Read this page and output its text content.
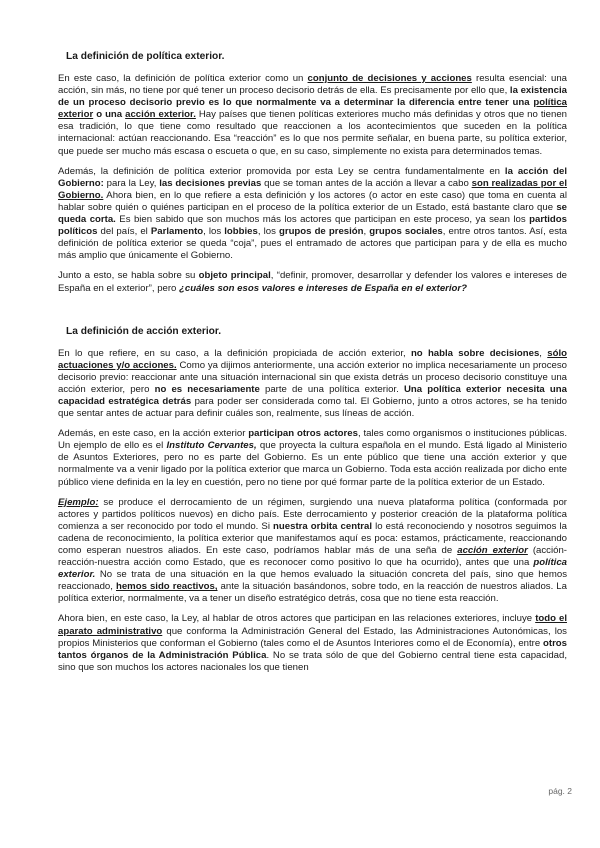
La definición de política exterior.

En este caso, la definición de política exterior como un conjunto de decisiones y acciones resulta esencial: una acción, sin más, no tiene por qué tener un proceso decisorio detrás de ella. Es precisamente por ello que, la existencia de un proceso decisorio previo es lo que normalmente va a determinar la diferencia entre tener una política exterior o una acción exterior. Hay países que tienen políticas exteriores mucho más definidas y otros que no tienen esa tradición, lo que tiene como resultado que reaccionen a los acontecimientos que suceden en la política internacional: actúan reaccionando. Esa “reacción” es lo que nos permite señalar, en buena parte, su política exterior, que puede ser mucho más escasa o escueta o que, en su caso, simplemente no exista para determinados temas.

Además, la definición de política exterior promovida por esta Ley se centra fundamentalmente en la acción del Gobierno: para la Ley, las decisiones previas que se toman antes de la acción a llevar a cabo son realizadas por el Gobierno. Ahora bien, en lo que refiere a esta definición y los actores (o actor en este caso) que toma en cuenta al hablar sobre quién o quiénes participan en el proceso de la política exterior de un Estado, está bastante claro que se queda corta. Es bien sabido que son muchos más los actores que participan en este proceso, ya sean los partidos políticos del país, el Parlamento, los lobbies, los grupos de presión, grupos sociales, entre otros tantos. Así, esta definición de política exterior se queda “coja”, pues el entramado de actores que participan para y de ella es mucho más amplio que únicamente el Gobierno.

Junto a esto, se habla sobre su objeto principal, “definir, promover, desarrollar y defender los valores e intereses de España en el exterior”, pero ¿cuáles son esos valores e intereses de España en el exterior?

La definición de acción exterior.

En lo que refiere, en su caso, a la definición propiciada de acción exterior, no habla sobre decisiones, sólo actuaciones y/o acciones. Como ya dijimos anteriormente, una acción exterior no implica necesariamente un proceso decisorio previo: reaccionar ante una situación internacional sin que exista detrás un proceso decisorio constituye una acción exterior, pero no es necesariamente parte de una política exterior. Una política exterior necesita una capacidad estratégica detrás para poder ser considerada como tal. El Gobierno, junto a otros actores, se ha tenido que sentar antes de actuar para definir cuáles son, realmente, sus líneas de acción.

Además, en este caso, en la acción exterior participan otros actores, tales como organismos o instituciones públicas. Un ejemplo de ello es el Instituto Cervantes, que proyecta la cultura española en el mundo. Está ligado al Ministerio de Asuntos Exteriores, pero no es parte del Gobierno. Es un ente público que tiene una acción exterior y que normalmente va a venir ligado por la política exterior que marca un Gobierno. Toda esta acción realizada por dicho ente público viene definida en la ley en cuestión, pero no tiene por qué formar parte de la política exterior de un Estado.

Ejemplo: se produce el derrocamiento de un régimen, surgiendo una nueva plataforma política (conformada por actores y partidos políticos nuevos) en dicho país. Este derrocamiento y posterior creación de la plataforma política comienza a ser reconocido por todo el mundo. Si nuestra orbita central lo está reconociendo y nosotros seguimos la cadena de reconocimiento, la política exterior que manifestamos aquí es poca: estamos, prácticamente, reaccionando como esperan nuestros aliados. En este caso, podríamos hablar más de una seña de acción exterior (acción-reacción-nuestra acción como Estado, que es reconocer como positivo lo que ha ocurrido), antes que una política exterior. No se trata de una situación en la que hemos evaluado la situación concreta del país, sino que hemos reaccionado, hemos sido reactivos, ante la situación basándonos, sobre todo, en la reacción de nuestros aliados. La política exterior, normalmente, va a tener un diseño estratégico detrás, cosa que no tiene esta reacción.

Ahora bien, en este caso, la Ley, al hablar de otros actores que participan en las relaciones exteriores, incluye todo el aparato administrativo que conforma la Administración General del Estado, las Administraciones Autonómicas, los propios Ministerios que conforman el Gobierno (tales como el de Asuntos Interiores como el de Economía), entre otros tantos órganos de la Administración Pública. No se trata sólo de que del Gobierno central tiene esta capacidad, sino que son muchos los actores nacionales los que tienen

pág. 2
